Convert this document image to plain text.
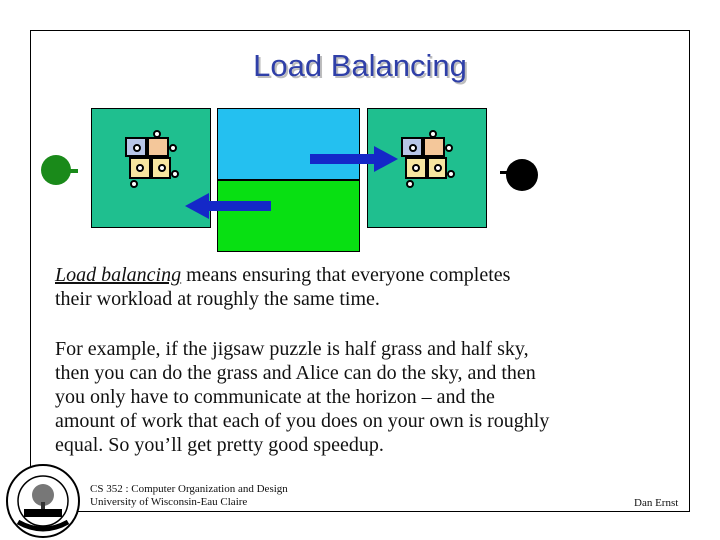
Load Balancing
Load balancing means ensuring that everyone completes
their workload at roughly the same time.
For example, if the jigsaw puzzle is half grass and half sky,
then you can do the grass and Alice can do the sky, and then
you only have to communicate at the horizon – and the
amount of work that each of you does on your own is roughly
equal. So you’ll get pretty good speedup.
CS 352 : Computer Organization and Design
University of Wisconsin-Eau Claire	Dan Ernst
